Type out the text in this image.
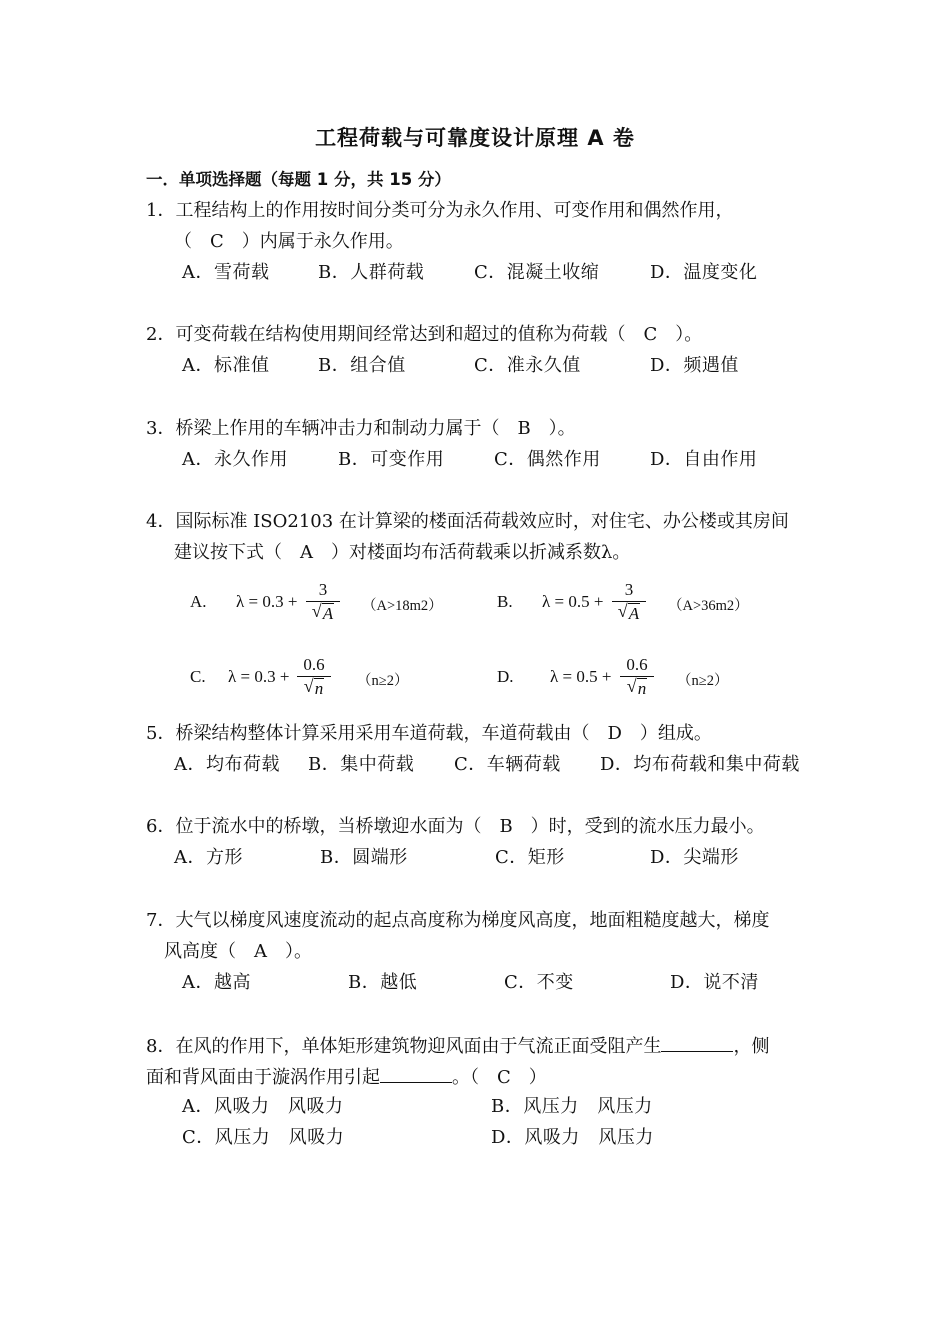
工程荷载与可靠度设计原理 A 卷
一．单项选择题（每题 1 分，共 15 分）
1．工程结构上的作用按时间分类可分为永久作用、可变作用和偶然作用，
（　C　）内属于永久作用。
A．雪荷载	B．人群荷载	C．混凝土收缩	D．温度变化
2．可变荷载在结构使用期间经常达到和超过的值称为荷载（　C　）。
A．标准值	B．组合值	C．准永久值	D．频遇值
3．桥梁上作用的车辆冲击力和制动力属于（　B　）。
A．永久作用	B．可变作用	C．偶然作用	D．自由作用
4．国际标准 ISO2103 在计算梁的楼面活荷载效应时，对住宅、办公楼或其房间
建议按下式（　A　）对楼面均布活荷载乘以折减系数λ。
A. λ = 0.3 +
3
√ A	（A>18m2）	B. λ = 0.5 +
3
√ A	（A>36m2）
C. λ = 0.3 +
0.6
√ n	（n≥2）	D. λ = 0.5 +
0.6
√ n	（n≥2）
5．桥梁结构整体计算采用采用车道荷载，车道荷载由（　D　）组成。
A．均布荷载 B．集中荷载 C．车辆荷载 D．均布荷载和集中荷载
6．位于流水中的桥墩，当桥墩迎水面为（　B　）时，受到的流水压力最小。
A．方形	B．圆端形	C．矩形	D．尖端形
7．大气以梯度风速度流动的起点高度称为梯度风高度，地面粗糙度越大，梯度
风高度（　A　）。
A．越高	B．越低	C．不变	D．说不清
8．在风的作用下，单体矩形建筑物迎风面由于气流正面受阻产生	，侧
面和背风面由于漩涡作用引起	。（　C　）
A．风吸力　风吸力	B．风压力　风压力
C．风压力　风吸力	D．风吸力　风压力
